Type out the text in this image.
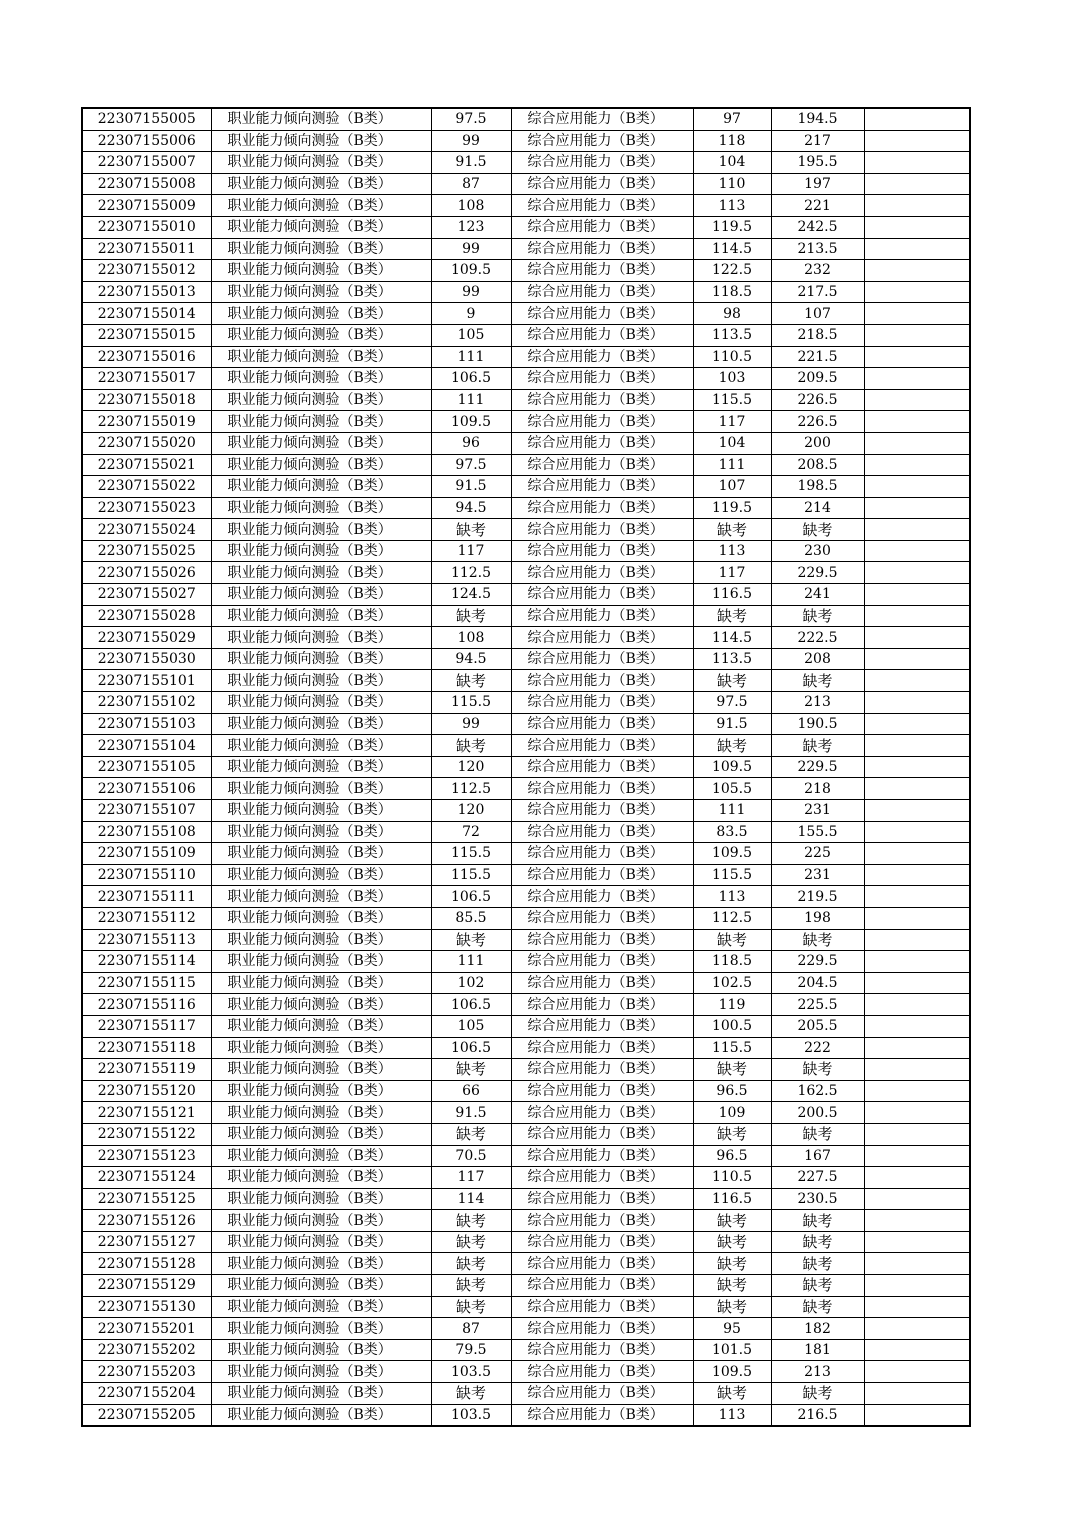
22307155005	职业能力倾向测验（B类）	97.5	综合应用能力（B类）	97	194.5	
22307155006	职业能力倾向测验（B类）	99	综合应用能力（B类）	118	217	
22307155007	职业能力倾向测验（B类）	91.5	综合应用能力（B类）	104	195.5	
22307155008	职业能力倾向测验（B类）	87	综合应用能力（B类）	110	197	
22307155009	职业能力倾向测验（B类）	108	综合应用能力（B类）	113	221	
22307155010	职业能力倾向测验（B类）	123	综合应用能力（B类）	119.5	242.5	
22307155011	职业能力倾向测验（B类）	99	综合应用能力（B类）	114.5	213.5	
22307155012	职业能力倾向测验（B类）	109.5	综合应用能力（B类）	122.5	232	
22307155013	职业能力倾向测验（B类）	99	综合应用能力（B类）	118.5	217.5	
22307155014	职业能力倾向测验（B类）	9	综合应用能力（B类）	98	107	
22307155015	职业能力倾向测验（B类）	105	综合应用能力（B类）	113.5	218.5	
22307155016	职业能力倾向测验（B类）	111	综合应用能力（B类）	110.5	221.5	
22307155017	职业能力倾向测验（B类）	106.5	综合应用能力（B类）	103	209.5	
22307155018	职业能力倾向测验（B类）	111	综合应用能力（B类）	115.5	226.5	
22307155019	职业能力倾向测验（B类）	109.5	综合应用能力（B类）	117	226.5	
22307155020	职业能力倾向测验（B类）	96	综合应用能力（B类）	104	200	
22307155021	职业能力倾向测验（B类）	97.5	综合应用能力（B类）	111	208.5	
22307155022	职业能力倾向测验（B类）	91.5	综合应用能力（B类）	107	198.5	
22307155023	职业能力倾向测验（B类）	94.5	综合应用能力（B类）	119.5	214	
22307155024	职业能力倾向测验（B类）	缺考	综合应用能力（B类）	缺考	缺考	
22307155025	职业能力倾向测验（B类）	117	综合应用能力（B类）	113	230	
22307155026	职业能力倾向测验（B类）	112.5	综合应用能力（B类）	117	229.5	
22307155027	职业能力倾向测验（B类）	124.5	综合应用能力（B类）	116.5	241	
22307155028	职业能力倾向测验（B类）	缺考	综合应用能力（B类）	缺考	缺考	
22307155029	职业能力倾向测验（B类）	108	综合应用能力（B类）	114.5	222.5	
22307155030	职业能力倾向测验（B类）	94.5	综合应用能力（B类）	113.5	208	
22307155101	职业能力倾向测验（B类）	缺考	综合应用能力（B类）	缺考	缺考	
22307155102	职业能力倾向测验（B类）	115.5	综合应用能力（B类）	97.5	213	
22307155103	职业能力倾向测验（B类）	99	综合应用能力（B类）	91.5	190.5	
22307155104	职业能力倾向测验（B类）	缺考	综合应用能力（B类）	缺考	缺考	
22307155105	职业能力倾向测验（B类）	120	综合应用能力（B类）	109.5	229.5	
22307155106	职业能力倾向测验（B类）	112.5	综合应用能力（B类）	105.5	218	
22307155107	职业能力倾向测验（B类）	120	综合应用能力（B类）	111	231	
22307155108	职业能力倾向测验（B类）	72	综合应用能力（B类）	83.5	155.5	
22307155109	职业能力倾向测验（B类）	115.5	综合应用能力（B类）	109.5	225	
22307155110	职业能力倾向测验（B类）	115.5	综合应用能力（B类）	115.5	231	
22307155111	职业能力倾向测验（B类）	106.5	综合应用能力（B类）	113	219.5	
22307155112	职业能力倾向测验（B类）	85.5	综合应用能力（B类）	112.5	198	
22307155113	职业能力倾向测验（B类）	缺考	综合应用能力（B类）	缺考	缺考	
22307155114	职业能力倾向测验（B类）	111	综合应用能力（B类）	118.5	229.5	
22307155115	职业能力倾向测验（B类）	102	综合应用能力（B类）	102.5	204.5	
22307155116	职业能力倾向测验（B类）	106.5	综合应用能力（B类）	119	225.5	
22307155117	职业能力倾向测验（B类）	105	综合应用能力（B类）	100.5	205.5	
22307155118	职业能力倾向测验（B类）	106.5	综合应用能力（B类）	115.5	222	
22307155119	职业能力倾向测验（B类）	缺考	综合应用能力（B类）	缺考	缺考	
22307155120	职业能力倾向测验（B类）	66	综合应用能力（B类）	96.5	162.5	
22307155121	职业能力倾向测验（B类）	91.5	综合应用能力（B类）	109	200.5	
22307155122	职业能力倾向测验（B类）	缺考	综合应用能力（B类）	缺考	缺考	
22307155123	职业能力倾向测验（B类）	70.5	综合应用能力（B类）	96.5	167	
22307155124	职业能力倾向测验（B类）	117	综合应用能力（B类）	110.5	227.5	
22307155125	职业能力倾向测验（B类）	114	综合应用能力（B类）	116.5	230.5	
22307155126	职业能力倾向测验（B类）	缺考	综合应用能力（B类）	缺考	缺考	
22307155127	职业能力倾向测验（B类）	缺考	综合应用能力（B类）	缺考	缺考	
22307155128	职业能力倾向测验（B类）	缺考	综合应用能力（B类）	缺考	缺考	
22307155129	职业能力倾向测验（B类）	缺考	综合应用能力（B类）	缺考	缺考	
22307155130	职业能力倾向测验（B类）	缺考	综合应用能力（B类）	缺考	缺考	
22307155201	职业能力倾向测验（B类）	87	综合应用能力（B类）	95	182	
22307155202	职业能力倾向测验（B类）	79.5	综合应用能力（B类）	101.5	181	
22307155203	职业能力倾向测验（B类）	103.5	综合应用能力（B类）	109.5	213	
22307155204	职业能力倾向测验（B类）	缺考	综合应用能力（B类）	缺考	缺考	
22307155205	职业能力倾向测验（B类）	103.5	综合应用能力（B类）	113	216.5	
